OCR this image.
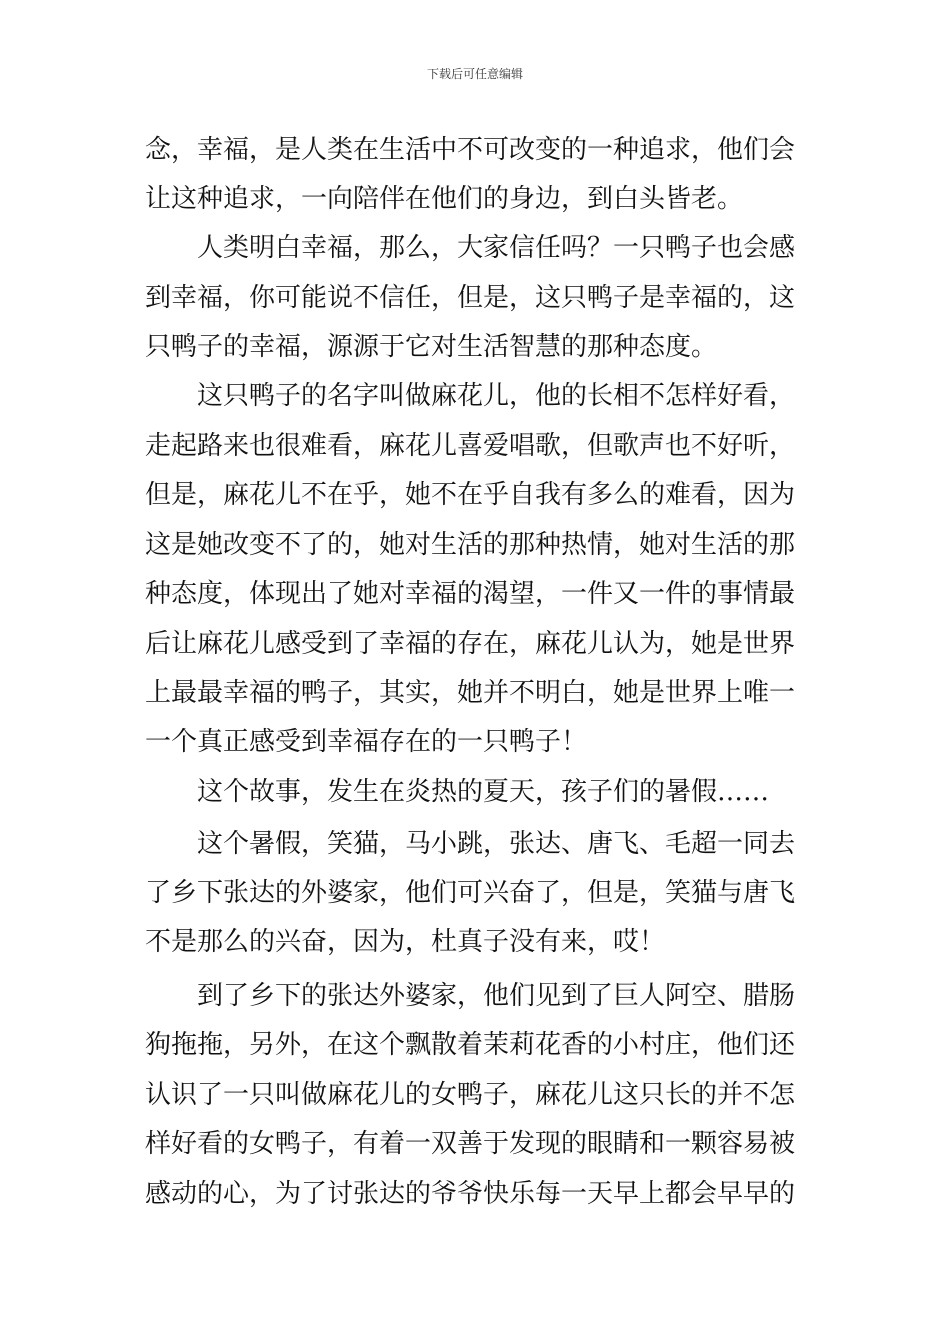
下载后可任意编辑
念，幸福，是人类在生活中不可改变的一种追求，他们会
让这种追求，一向陪伴在他们的身边，到白头皆老。
人类明白幸福，那么，大家信任吗？一只鸭子也会感
到幸福，你可能说不信任，但是，这只鸭子是幸福的，这
只鸭子的幸福，源源于它对生活智慧的那种态度。
这只鸭子的名字叫做麻花儿，他的长相不怎样好看，
走起路来也很难看，麻花儿喜爱唱歌，但歌声也不好听，
但是，麻花儿不在乎，她不在乎自我有多么的难看，因为
这是她改变不了的，她对生活的那种热情，她对生活的那
种态度，体现出了她对幸福的渴望，一件又一件的事情最
后让麻花儿感受到了幸福的存在，麻花儿认为，她是世界
上最最幸福的鸭子，其实，她并不明白，她是世界上唯一
一个真正感受到幸福存在的一只鸭子！
这个故事，发生在炎热的夏天，孩子们的暑假……
这个暑假，笑猫，马小跳，张达、唐飞、毛超一同去
了乡下张达的外婆家，他们可兴奋了，但是，笑猫与唐飞
不是那么的兴奋，因为，杜真子没有来，哎！
到了乡下的张达外婆家，他们见到了巨人阿空、腊肠
狗拖拖，另外，在这个飘散着茉莉花香的小村庄，他们还
认识了一只叫做麻花儿的女鸭子，麻花儿这只长的并不怎
样好看的女鸭子，有着一双善于发现的眼睛和一颗容易被
感动的心，为了讨张达的爷爷快乐每一天早上都会早早的
